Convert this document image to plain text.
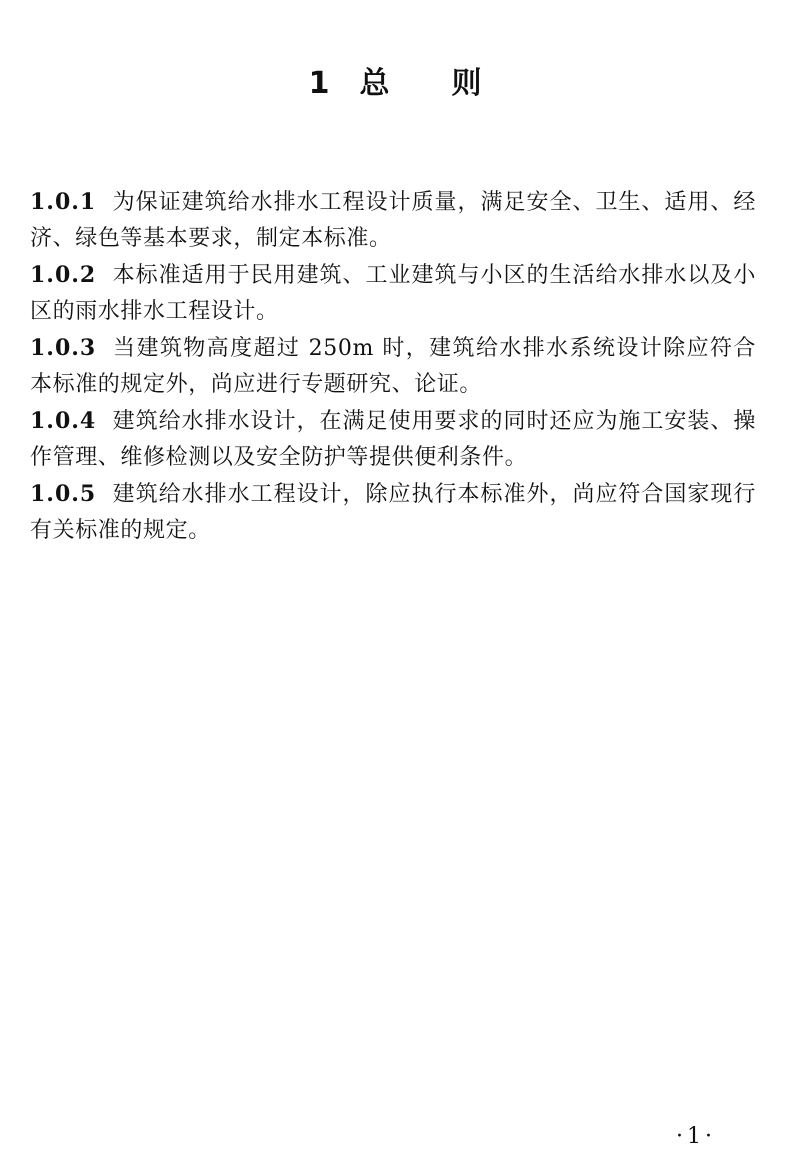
1 总 则

1.0.1 为保证建筑给水排水工程设计质量，满足安全、卫生、适用、经济、绿色等基本要求，制定本标准。

1.0.2 本标准适用于民用建筑、工业建筑与小区的生活给水排水以及小区的雨水排水工程设计。

1.0.3 当建筑物高度超过 250m 时，建筑给水排水系统设计除应符合本标准的规定外，尚应进行专题研究、论证。

1.0.4 建筑给水排水设计，在满足使用要求的同时还应为施工安装、操作管理、维修检测以及安全防护等提供便利条件。

1.0.5 建筑给水排水工程设计，除应执行本标准外，尚应符合国家现行有关标准的规定。

·1·
